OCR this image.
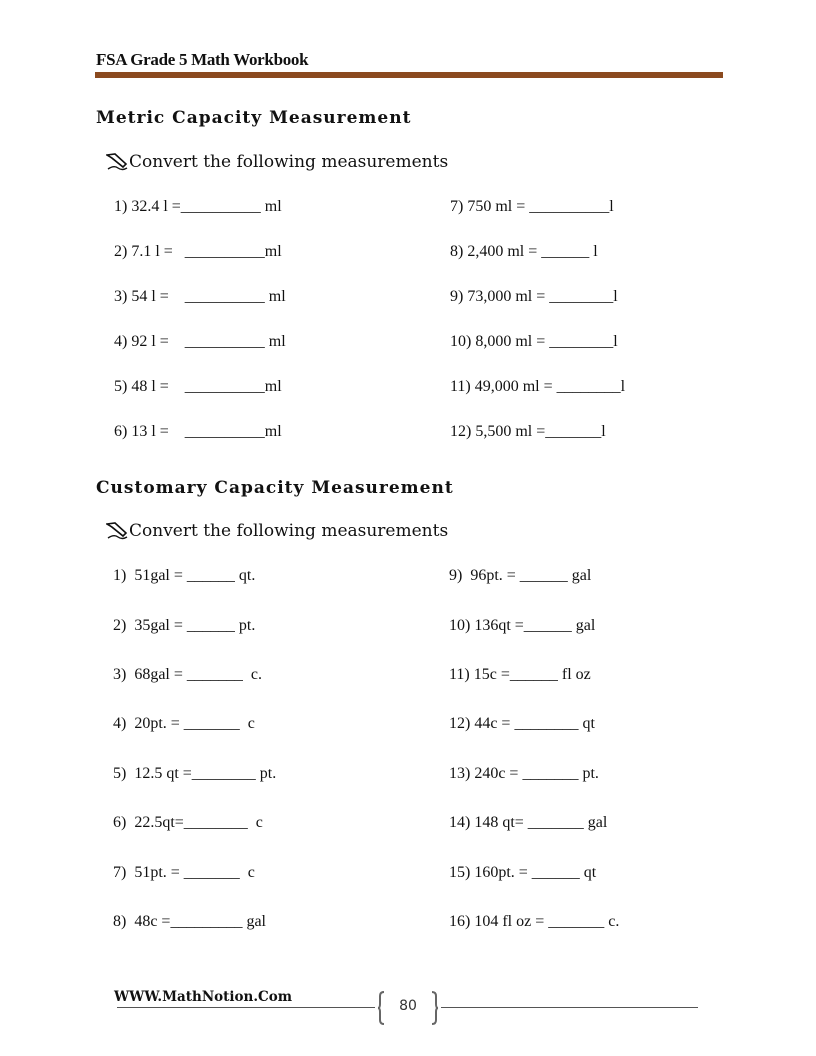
FSA Grade 5 Math Workbook
Metric Capacity Measurement
Convert the following measurements
1) 32.4 l =__________ ml
2) 7.1 l =   __________ml
3) 54 l =    __________ ml
4) 92 l =    __________ ml
5) 48 l =    __________ml
6) 13 l =    __________ml
7) 750 ml = __________l
8) 2,400 ml = ______ l
9) 73,000 ml = ________l
10) 8,000 ml = ________l
11) 49,000 ml = ________l
12) 5,500 ml =_______l
Customary Capacity Measurement
Convert the following measurements
1)  51gal = ______ qt.
2)  35gal = ______ pt.
3)  68gal = _______  c.
4)  20pt. = _______  c
5)  12.5 qt =________ pt.
6)  22.5qt=________  c
7)  51pt. = _______  c
8)  48c =_________ gal
9)  96pt. = ______ gal
10) 136qt =______ gal
11) 15c =______ fl oz
12) 44c = ________ qt
13) 240c = _______ pt.
14) 148 qt= _______ gal
15) 160pt. = ______ qt
16) 104 fl oz = _______ c.
WWW.MathNotion.Com
80
